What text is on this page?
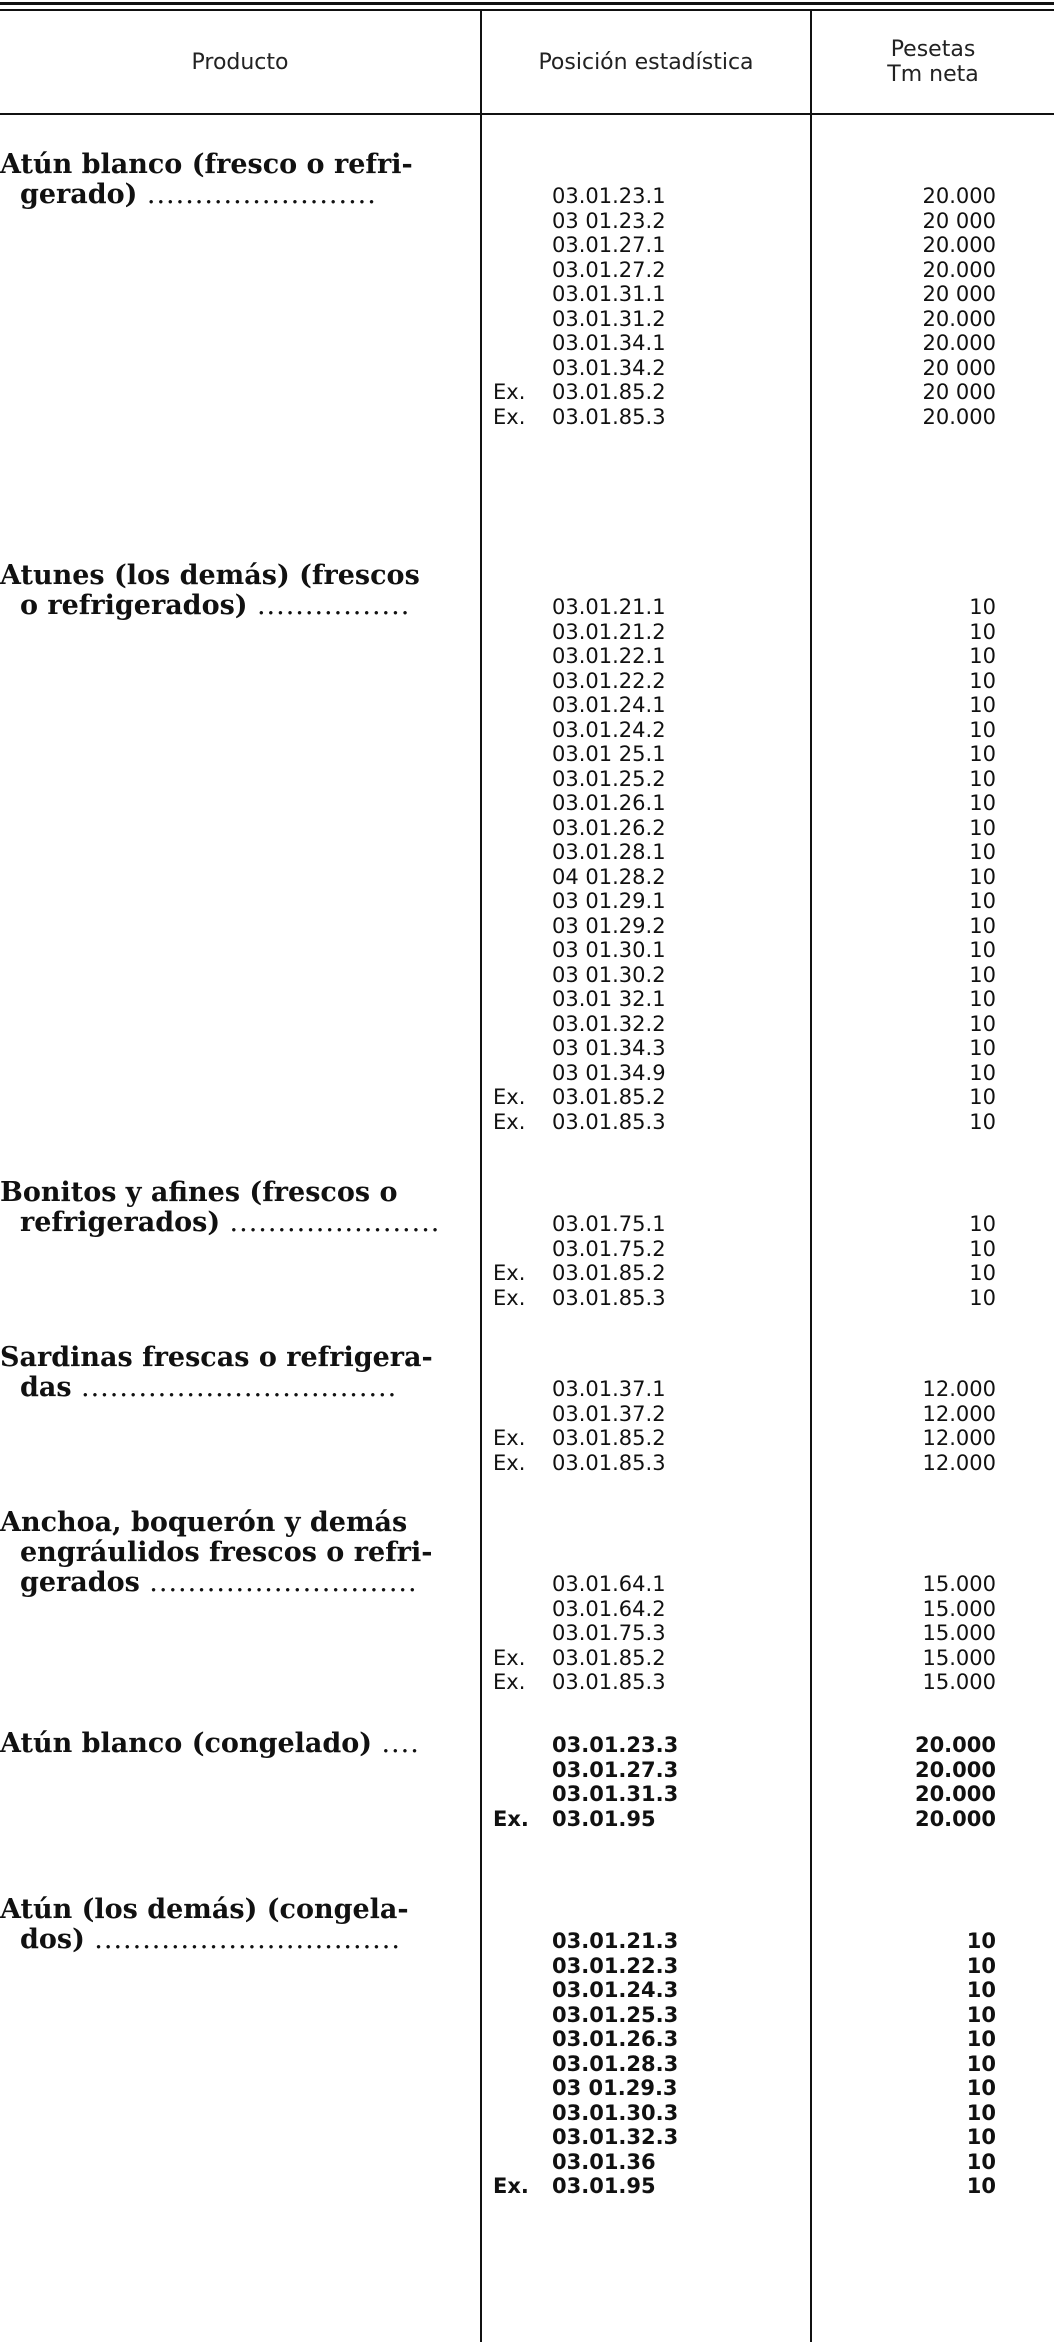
Producto	Posición estadística	Pesetas
Tm neta
Atún blanco (fresco o refri-
gerado) ........................	03.01.23.1	20.000
03 01.23.2	20 000
03.01.27.1	20.000
03.01.27.2	20.000
03.01.31.1	20 000
03.01.31.2	20.000
03.01.34.1	20.000
03.01.34.2	20 000
Ex.	03.01.85.2	20 000
Ex.	03.01.85.3	20.000
Atunes (los demás) (frescos
o refrigerados) ................	03.01.21.1	10
03.01.21.2	10
03.01.22.1	10
03.01.22.2	10
03.01.24.1	10
03.01.24.2	10
03.01 25.1	10
03.01.25.2	10
03.01.26.1	10
03.01.26.2	10
03.01.28.1	10
04 01.28.2	10
03 01.29.1	10
03 01.29.2	10
03 01.30.1	10
03 01.30.2	10
03.01 32.1	10
03.01.32.2	10
03 01.34.3	10
03 01.34.9	10
Ex.	03.01.85.2	10
Ex.	03.01.85.3	10
Bonitos y afines (frescos o
refrigerados) ......................	03.01.75.1	10
03.01.75.2	10
Ex.	03.01.85.2	10
Ex.	03.01.85.3	10
Sardinas frescas o refrigera-
das .................................	03.01.37.1	12.000
03.01.37.2	12.000
Ex.	03.01.85.2	12.000
Ex.	03.01.85.3	12.000
Anchoa, boquerón y demás
engráulidos frescos o refri-
gerados ............................	03.01.64.1	15.000
03.01.64.2	15.000
03.01.75.3	15.000
Ex.	03.01.85.2	15.000
Ex.	03.01.85.3	15.000
Atún blanco (congelado) ....	03.01.23.3	20.000
03.01.27.3	20.000
03.01.31.3	20.000
Ex.	03.01.95	20.000
Atún (los demás) (congela-
dos) ................................	03.01.21.3	10
03.01.22.3	10
03.01.24.3	10
03.01.25.3	10
03.01.26.3	10
03.01.28.3	10
03 01.29.3	10
03.01.30.3	10
03.01.32.3	10
03.01.36	10
Ex.	03.01.95	10
